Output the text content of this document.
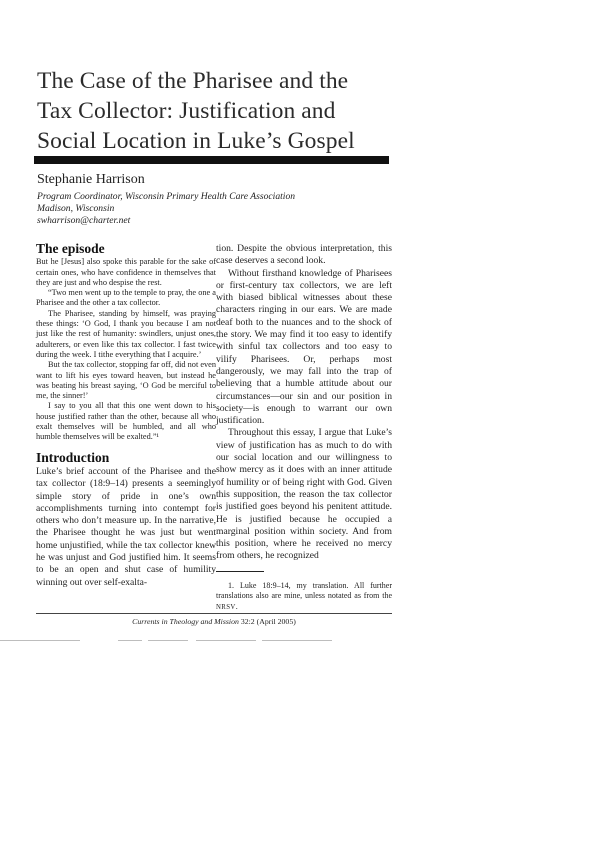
The Case of the Pharisee and the
Tax Collector: Justification and
Social Location in Luke’s Gospel
Stephanie Harrison
Program Coordinator, Wisconsin Primary Health Care Association
Madison, Wisconsin
swharrison@charter.net
The episode

But he [Jesus] also spoke this parable for the sake of certain ones, who have confidence in themselves that they are just and who despise the rest.

“Two men went up to the temple to pray, the one a Pharisee and the other a tax collector.

The Pharisee, standing by himself, was praying these things: ‘O God, I thank you because I am not just like the rest of humanity: swindlers, unjust ones, adulterers, or even like this tax collector. I fast twice during the week. I tithe everything that I acquire.’

But the tax collector, stopping far off, did not even want to lift his eyes toward heaven, but instead he was beating his breast saying, ‘O God be merciful to me, the sinner!’

I say to you all that this one went down to his house justified rather than the other, because all who exalt themselves will be humbled, and all who humble themselves will be exalted.”¹

Introduction

Luke’s brief account of the Pharisee and the tax collector (18:9–14) presents a seemingly simple story of pride in one’s own accomplishments turning into contempt for others who don’t measure up. In the narrative, the Pharisee thought he was just but went home unjustified, while the tax collector knew he was unjust and God justified him. It seems to be an open and shut case of humility winning out over self-exalta-

tion. Despite the obvious interpretation, this case deserves a second look.

Without firsthand knowledge of Pharisees or first-century tax collectors, we are left with biased biblical witnesses about these characters ringing in our ears. We are made deaf both to the nuances and to the shock of the story. We may find it too easy to identify with sinful tax collectors and too easy to vilify Pharisees. Or, perhaps most dangerously, we may fall into the trap of believing that a humble attitude about our circumstances—our sin and our position in society—is enough to warrant our own justification.

Throughout this essay, I argue that Luke’s view of justification has as much to do with our social location and our willingness to show mercy as it does with an inner attitude of humility or of being right with God. Given this supposition, the reason the tax collector is justified goes beyond his penitent attitude. He is justified because he occupied a marginal position within society. And from this position, where he received no mercy from others, he recognized

1. Luke 18:9–14, my translation. All further translations also are mine, unless notated as from the NRSV.

Currents in Theology and Mission 32:2 (April 2005)
